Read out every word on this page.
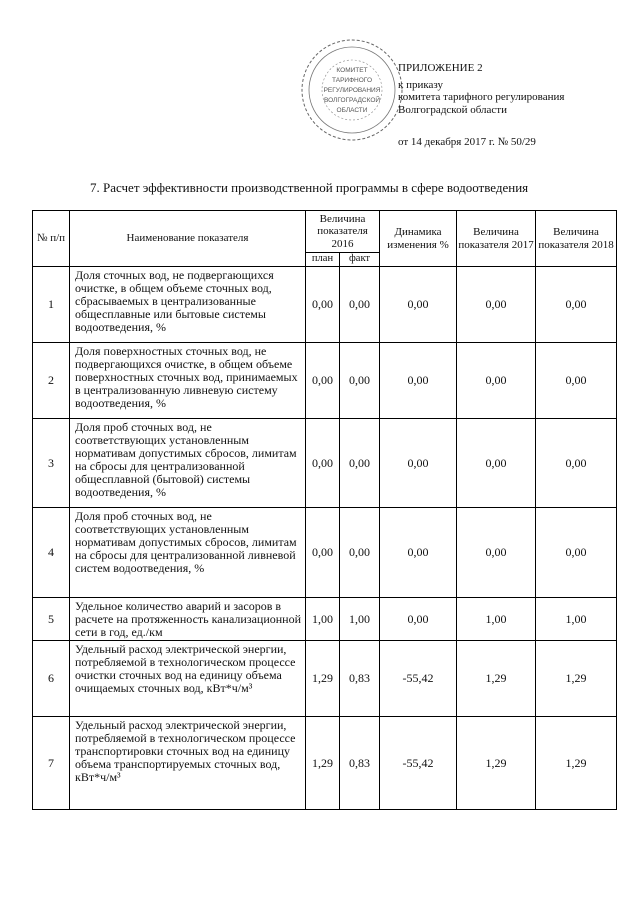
КОМИТЕТ
ТАРИФНОГО
РЕГУЛИРОВАНИЯ
ВОЛГОГРАДСКОЙ
ОБЛАСТИ
ПРИЛОЖЕНИЕ 2
к приказу
комитета тарифного регулирования
Волгоградской области
от 14 декабря 2017 г. № 50/29
7. Расчет эффективности производственной программы в сфере водоотведения
№ п/п	Наименование показателя	Величина показателя 2016		Динамика изменения %	Величина показателя 2017	Величина показателя 2018
		план	факт			
1	Доля сточных вод, не подвергающихся очистке, в общем объеме сточных вод, сбрасываемых в централизованные общесплавные или бытовые системы водоотведения, %	0,00	0,00	0,00	0,00	0,00
2	Доля поверхностных сточных вод, не подвергающихся очистке, в общем объеме поверхностных сточных вод, принимаемых в централизованную ливневую систему водоотведения, %	0,00	0,00	0,00	0,00	0,00
3	Доля проб сточных вод, не соответствующих установленным нормативам допустимых сбросов, лимитам на сбросы для централизованной общесплавной (бытовой) системы водоотведения, %	0,00	0,00	0,00	0,00	0,00
4	Доля проб сточных вод, не соответствующих установленным нормативам допустимых сбросов, лимитам на сбросы для централизованной ливневой систем водоотведения, %	0,00	0,00	0,00	0,00	0,00
5	Удельное количество аварий и засоров в расчете на протяженность канализационной сети в год, ед./км	1,00	1,00	0,00	1,00	1,00
6	Удельный расход электрической энергии, потребляемой в технологическом процессе очистки сточных вод на единицу объема очищаемых сточных вод, кВт*ч/м³	1,29	0,83	-55,42	1,29	1,29
7	Удельный расход электрической энергии, потребляемой в технологическом процессе транспортировки сточных вод на единицу объема транспортируемых сточных вод, кВт*ч/м³	1,29	0,83	-55,42	1,29	1,29
